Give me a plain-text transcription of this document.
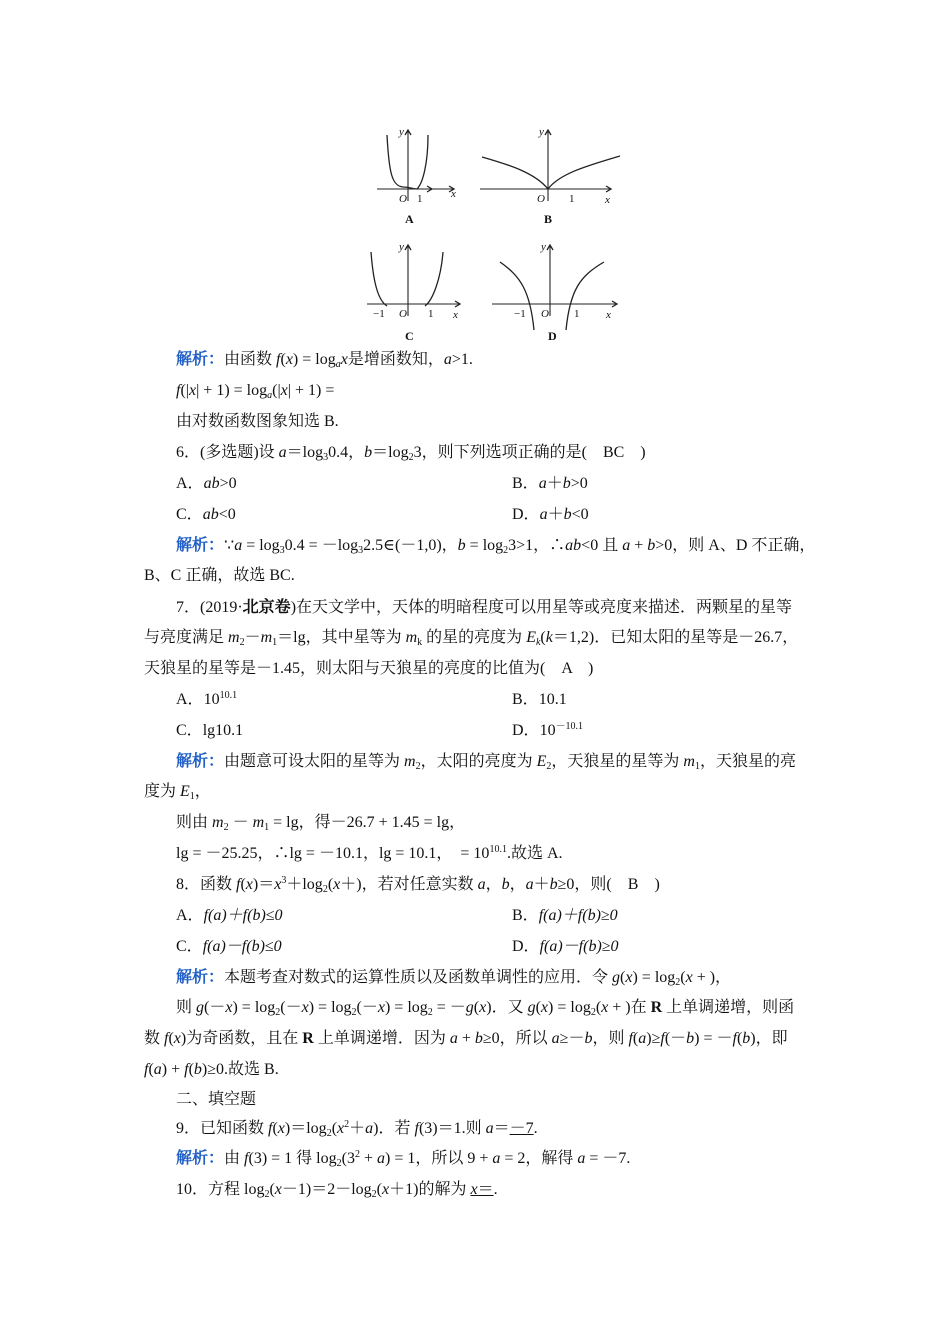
y
x
O 1
A
y
x
O 1
B
y
x
O
−1	1
C
y
x
O
−1	1
D
解析：由函数 $f(x) = \log_ax$是增函数知，a>1.
$f(|x| + 1) = \log_a(|x| + 1)$ =
由对数函数图象知选 B.
6．(多选题)设 $a=\log_30.4$，$b=\log_23$，则下列选项正确的是(　BC　)
A．ab>0	B．a＋b>0
C．ab<0	D．a＋b<0
解析：∵a = $\log_30.4$ = $-\log_32.5\in(-1,0)$，$b = \log_23>1$，∴ab<0 且 a + b>0，则 A、D 不正确，
B、C 正确，故选 BC.
7．(2019·北京卷)在天文学中，天体的明暗程度可以用星等或亮度来描述．两颗星的星等
与亮度满足 $m_2-m_1=\lg$，其中星等为 $m_k$ 的星的亮度为 $E_k(k=1,2)$．已知太阳的星等是－26.7，
天狼星的星等是－1.45，则太阳与天狼星的亮度的比值为(　A　)
A．$10^{10.1}$	B．10.1
C．lg10.1	D．$10^{-10.1}$
解析：由题意可设太阳的星等为 $m_2$，太阳的亮度为 $E_2$，天狼星的星等为 $m_1$，天狼星的亮
度为 $E_1$，
则由 $m_2 - m_1 = \lg$，得－26.7 + 1.45 = lg，
lg = －25.25，∴lg = －10.1，lg = 10.1，　= $10^{10.1}$.故选 A.
8．函数 $f(x)=x^3+\log_2(x+)$，若对任意实数 a，b，a＋b≥0，则(　B　)
A．f(a)＋f(b)≤0	B．f(a)＋f(b)≥0
C．f(a)－f(b)≤0	D．f(a)－f(b)≥0
解析：本题考查对数式的运算性质以及函数单调性的应用．令 $g(x) = \log_2(x$ + )，
则 $g(-x) = \log_2(-x) = \log_2(-x) = \log_2 = -g(x)$．又 $g(x) = \log_2(x$ + )在 R 上单调递增，则函
数 f(x)为奇函数，且在 R 上单调递增．因为 a + b≥0，所以 a≥－b，则 f(a)≥f(－b) = －f(b)，即
f(a) + f(b)≥0.故选 B.
二、填空题
9．已知函数 $f(x)=\log_2(x^2+a)$．若 f(3)＝1.则 a＝－7.
解析：由 f(3) = 1 得 $\log_2(3^2 + a) = 1$，所以 9 + a = 2，解得 a = －7.
10．方程 $\log_2(x-1)=2-\log_2(x+1)$的解为 x＝.
